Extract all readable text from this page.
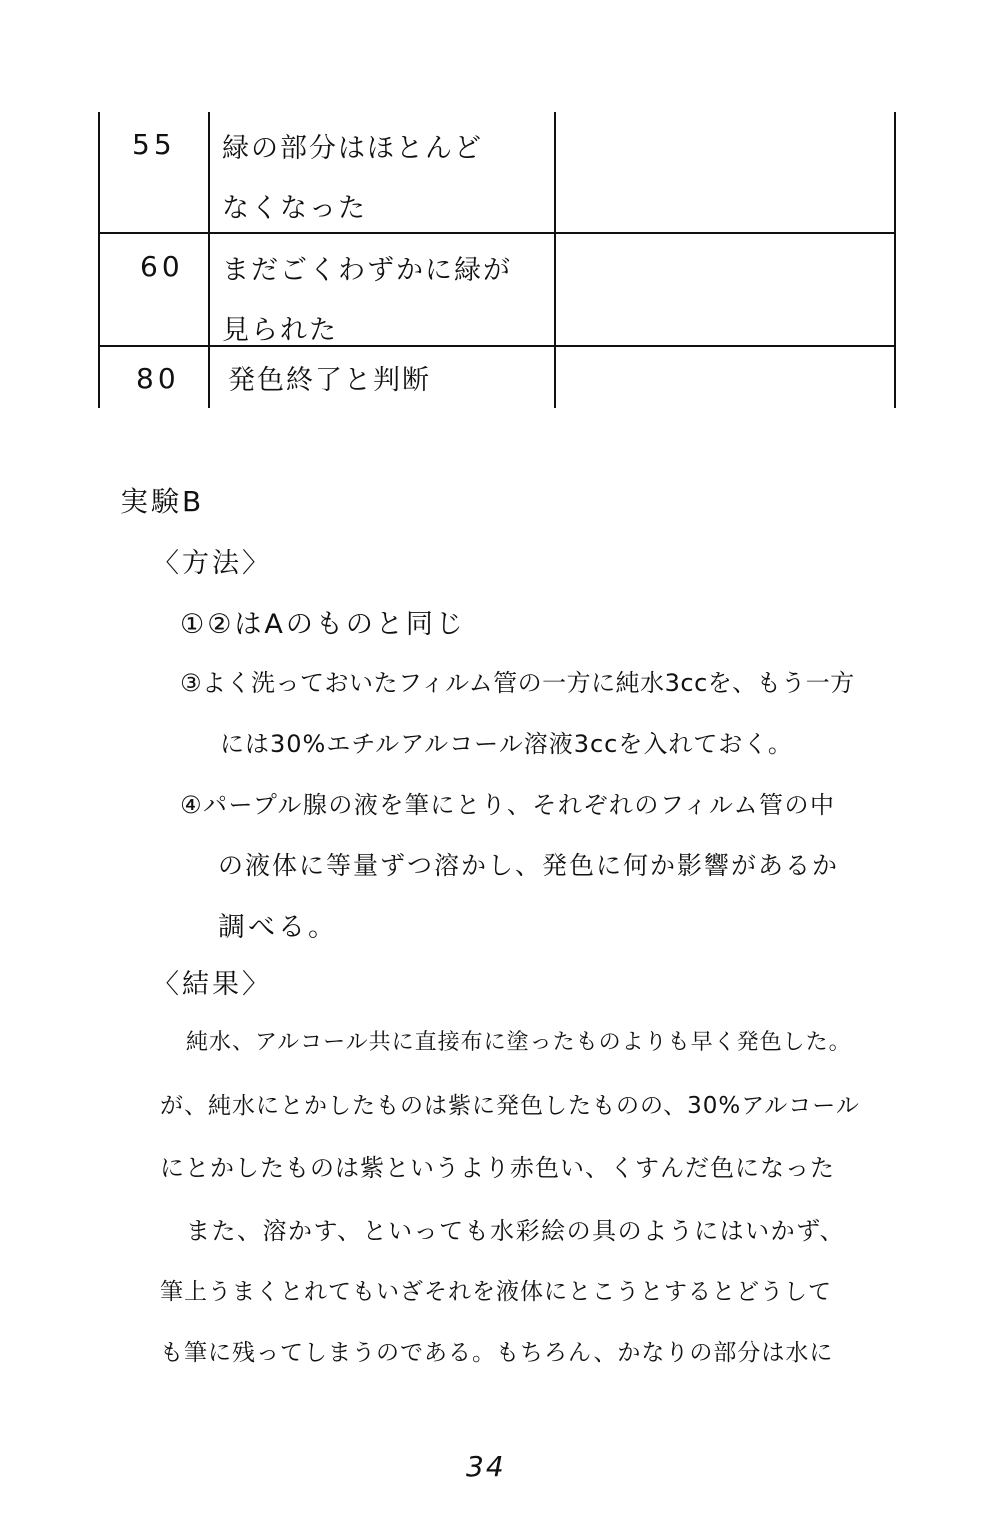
55 緑の部分はほとんど
なくなった
60 まだごくわずかに緑が
見られた
80 発色終了と判断
実験B
〈方法〉
①②はAのものと同じ
③よく洗っておいたフィルム管の一方に純水3ccを、もう一方
には30%エチルアルコール溶液3ccを入れておく。
④パープル腺の液を筆にとり、それぞれのフィルム管の中
の液体に等量ずつ溶かし、発色に何か影響があるか
調べる。
〈結果〉
純水、アルコール共に直接布に塗ったものよりも早く発色した。
が、純水にとかしたものは紫に発色したものの、30%アルコール
にとかしたものは紫というより赤色い、くすんだ色になった
また、溶かす、といっても水彩絵の具のようにはいかず、
筆上うまくとれてもいざそれを液体にとこうとするとどうして
も筆に残ってしまうのである。もちろん、かなりの部分は水に
34
